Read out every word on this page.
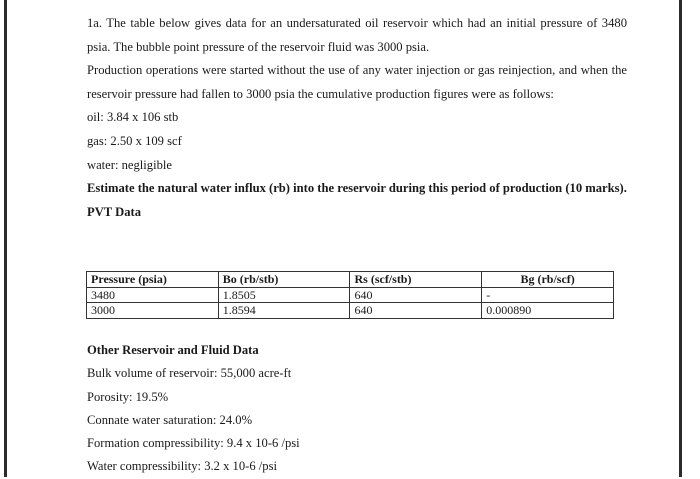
1a. The table below gives data for an undersaturated oil reservoir which had an initial pressure of 3480 psia. The bubble point pressure of the reservoir fluid was 3000 psia.

Production operations were started without the use of any water injection or gas reinjection, and when the reservoir pressure had fallen to 3000 psia the cumulative production figures were as follows:

oil: 3.84 x 106 stb

gas: 2.50 x 109 scf

water: negligible

Estimate the natural water influx (rb) into the reservoir during this period of production (10 marks).

PVT Data

Pressure (psia)	Bo (rb/stb)	Rs (scf/stb)	Bg (rb/scf)
3480	1.8505	640	-
3000	1.8594	640	0.000890

Other Reservoir and Fluid Data

Bulk volume of reservoir: 55,000 acre-ft

Porosity: 19.5%

Connate water saturation: 24.0%

Formation compressibility: 9.4 x 10-6 /psi

Water compressibility: 3.2 x 10-6 /psi
